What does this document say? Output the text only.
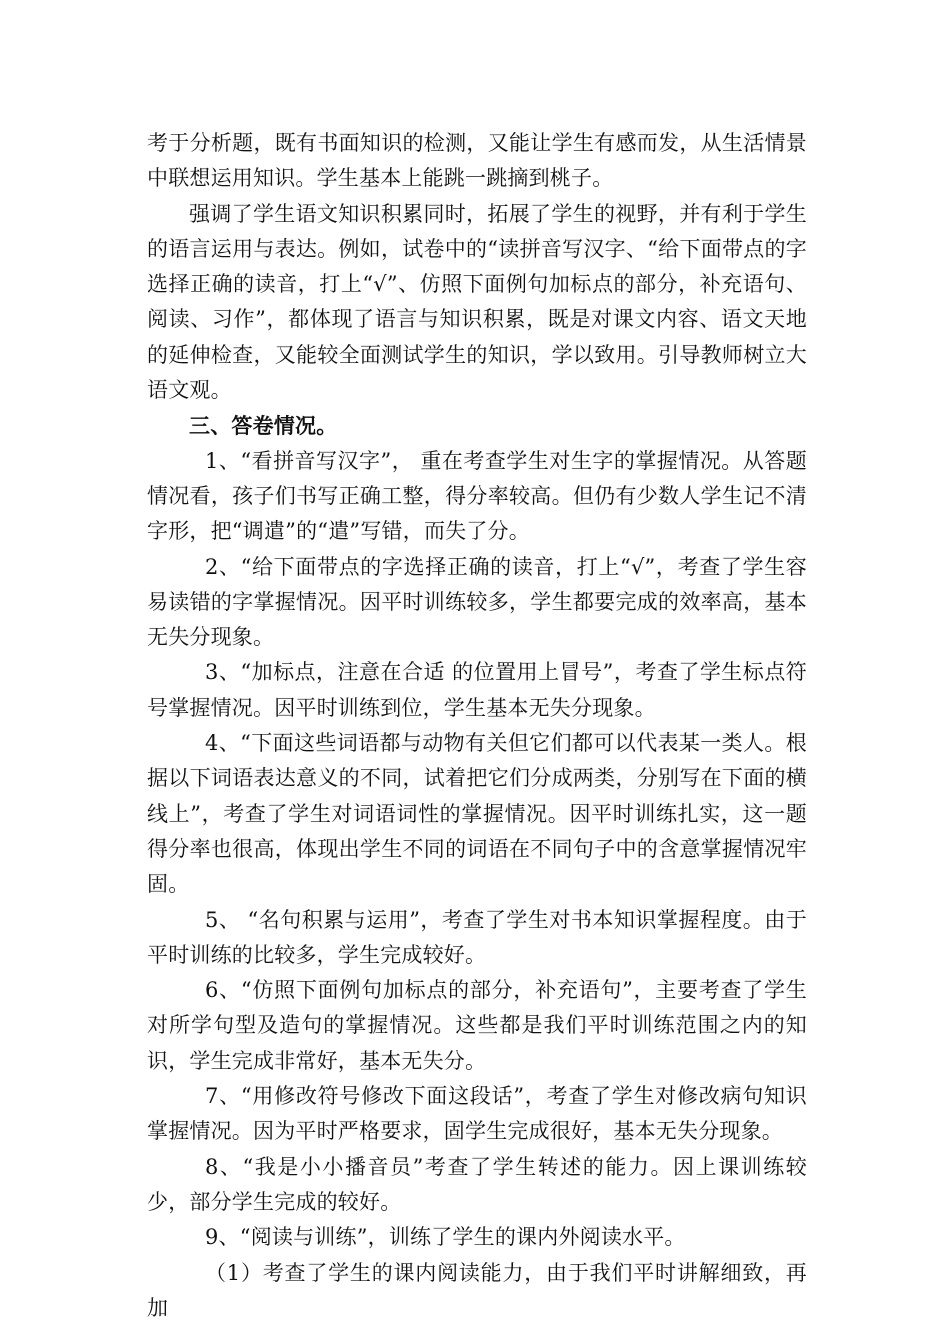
考于分析题，既有书面知识的检测，又能让学生有感而发，从生活情景中联想运用知识。学生基本上能跳一跳摘到桃子。

强调了学生语文知识积累同时，拓展了学生的视野，并有利于学生的语言运用与表达。例如，试卷中的“读拼音写汉字、“给下面带点的字选择正确的读音，打上“√”、仿照下面例句加标点的部分，补充语句、阅读、习作”，都体现了语言与知识积累，既是对课文内容、语文天地的延伸检查，又能较全面测试学生的知识，学以致用。引导教师树立大语文观。

三、答卷情况。

1、“看拼音写汉字”， 重在考查学生对生字的掌握情况。从答题情况看，孩子们书写正确工整，得分率较高。但仍有少数人学生记不清字形，把“调遣”的“遣”写错，而失了分。

2、“给下面带点的字选择正确的读音，打上“√”，考查了学生容易读错的字掌握情况。因平时训练较多，学生都要完成的效率高，基本无失分现象。

3、“加标点，注意在合适 的位置用上冒号”，考查了学生标点符号掌握情况。因平时训练到位，学生基本无失分现象。

4、“下面这些词语都与动物有关但它们都可以代表某一类人。根据以下词语表达意义的不同，试着把它们分成两类，分别写在下面的横线上”，考查了学生对词语词性的掌握情况。因平时训练扎实，这一题得分率也很高，体现出学生不同的词语在不同句子中的含意掌握情况牢固。

5、 “名句积累与运用”，考查了学生对书本知识掌握程度。由于平时训练的比较多，学生完成较好。

6、“仿照下面例句加标点的部分，补充语句”，主要考查了学生对所学句型及造句的掌握情况。这些都是我们平时训练范围之内的知识，学生完成非常好，基本无失分。

7、“用修改符号修改下面这段话”，考查了学生对修改病句知识掌握情况。因为平时严格要求，固学生完成很好，基本无失分现象。

8、“我是小小播音员”考查了学生转述的能力。因上课训练较少，部分学生完成的较好。

9、“阅读与训练”，训练了学生的课内外阅读水平。

（1）考查了学生的课内阅读能力，由于我们平时讲解细致，再加
